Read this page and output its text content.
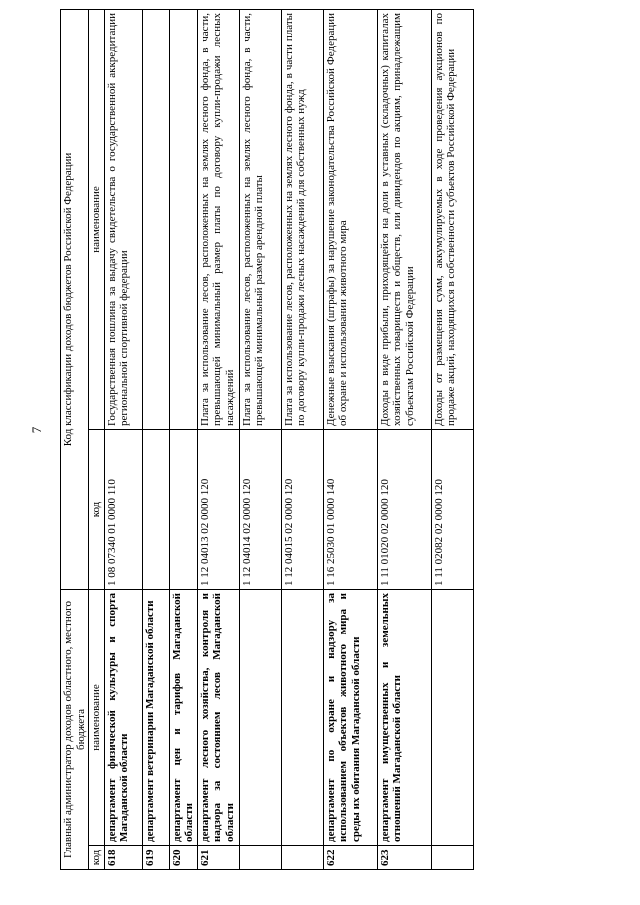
7
Главный администратор доходов областного, местного бюджета		Код классификации доходов бюджетов Российской Федерации	
код	наименование	код	наименование
618	департамент физической культуры и спорта Магаданской области	1 08 07340 01 0000 110	Государственная пошлина за выдачу свидетельства о государственной аккредитации региональной спортивной федерации
619	департамент ветеринарии Магаданской области		
620	департамент цен и тарифов Магаданской области		
621	департамент лесного хозяйства, контроля и надзора за состоянием лесов Магаданской области	1 12 04013 02 0000 120	Плата за использование лесов, расположенных на землях лесного фонда, в части, превышающей минимальный размер платы по договору купли-продажи лесных насаждений
		1 12 04014 02 0000 120	Плата за использование лесов, расположенных на землях лесного фонда, в части, превышающей минимальный размер арендной платы
		1 12 04015 02 0000 120	Плата за использование лесов, расположенных на землях лесного фонда, в части платы по договору купли-продажи лесных насаждений для собственных нужд
622	департамент по охране и надзору за использованием объектов животного мира и среды их обитания Магаданской области	1 16 25030 01 0000 140	Денежные взыскания (штрафы) за нарушение законодательства Российской Федерации об охране и использовании животного мира
623	департамент имущественных и земельных отношений Магаданской области	1 11 01020 02 0000 120	Доходы в виде прибыли, приходящейся на доли в уставных (складочных) капиталах хозяйственных товариществ и обществ, или дивидендов по акциям, принадлежащим субъектам Российской Федерации
		1 11 02082 02 0000 120	Доходы от размещения сумм, аккумулируемых в ходе проведения аукционов по продаже акций, находящихся в собственности субъектов Российской Федерации
